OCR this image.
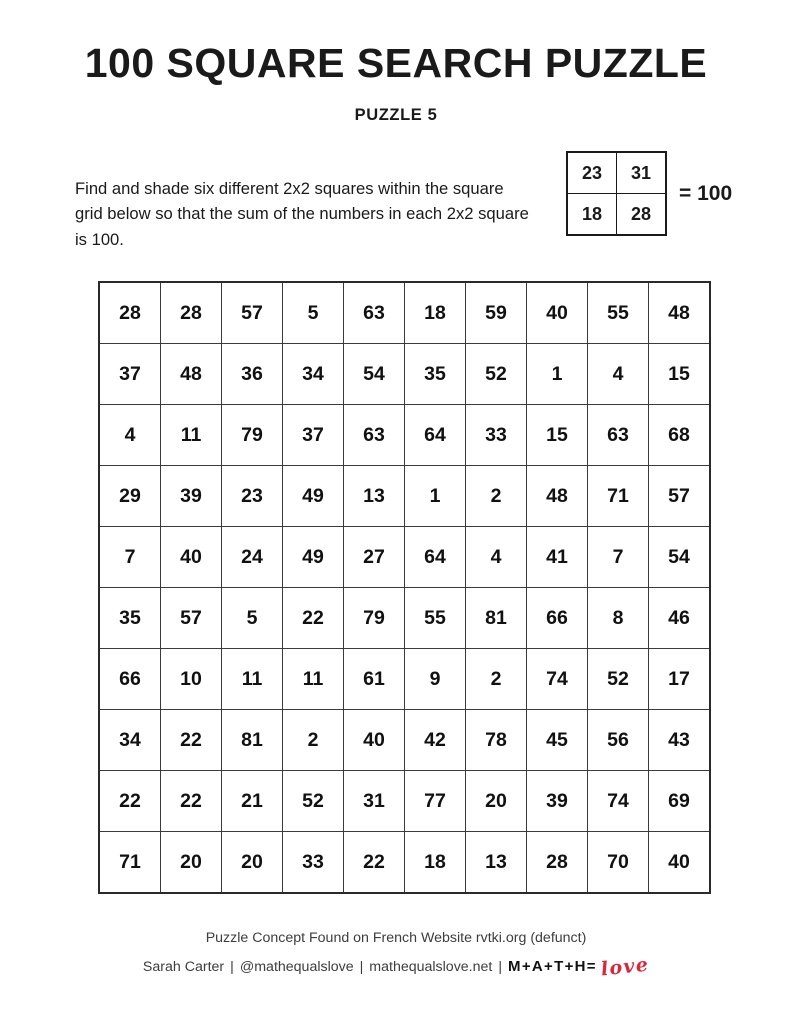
100 SQUARE SEARCH PUZZLE
PUZZLE 5

Find and shade six different 2x2 squares within the square grid below so that the sum of the numbers in each 2x2 square is 100.

23	31
18	28
= 100
28	28	57	5	63	18	59	40	55	48
37	48	36	34	54	35	52	1	4	15
4	11	79	37	63	64	33	15	63	68
29	39	23	49	13	1	2	48	71	57
7	40	24	49	27	64	4	41	7	54
35	57	5	22	79	55	81	66	8	46
66	10	11	11	61	9	2	74	52	17
34	22	81	2	40	42	78	45	56	43
22	22	21	52	31	77	20	39	74	69
71	20	20	33	22	18	13	28	70	40
Puzzle Concept Found on French Website rvtki.org (defunct)
Sarah Carter | @mathequalslove | mathequalslove.net | M + A + T + H = love
